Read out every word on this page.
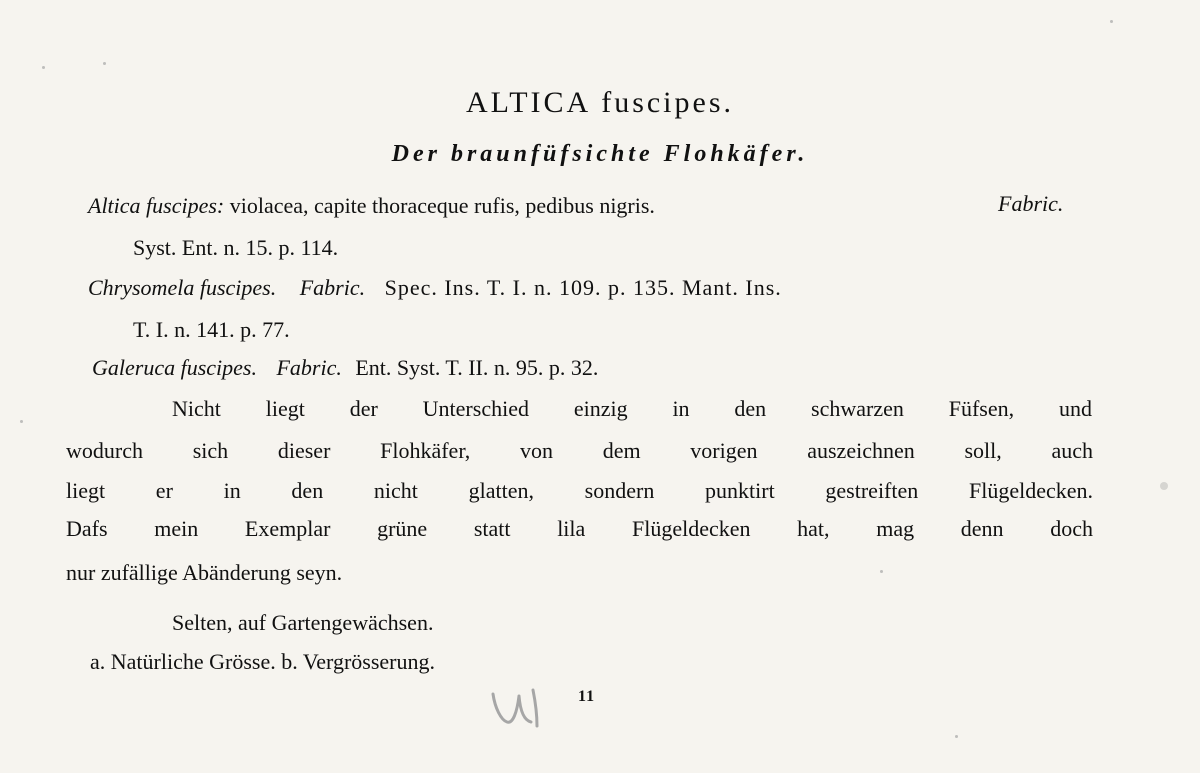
ALTICA fuscipes.
Der braunfüfsichte Flohkäfer.
Altica fuscipes: violacea, capite thoraceque rufis, pedibus nigris.	Fabric.
Syst. Ent. n. 15. p. 114.
Chrysomela fuscipes. Fabric. Spec. Ins. T. I. n. 109. p. 135. Mant. Ins.
T. I. n. 141. p. 77.
Galeruca fuscipes. Fabric. Ent. Syst. T. II. n. 95. p. 32.
Nicht liegt der Unterschied einzig in den schwarzen Füfsen, und
wodurch sich dieser Flohkäfer, von dem vorigen auszeichnen soll, auch
liegt er in den nicht glatten, sondern punktirt gestreiften Flügeldecken.
Dafs mein Exemplar grüne statt lila Flügeldecken hat, mag denn doch
nur zufällige Abänderung seyn.
Selten, auf Gartengewächsen.
a. Natürliche Grösse. b. Vergrösserung.
11
